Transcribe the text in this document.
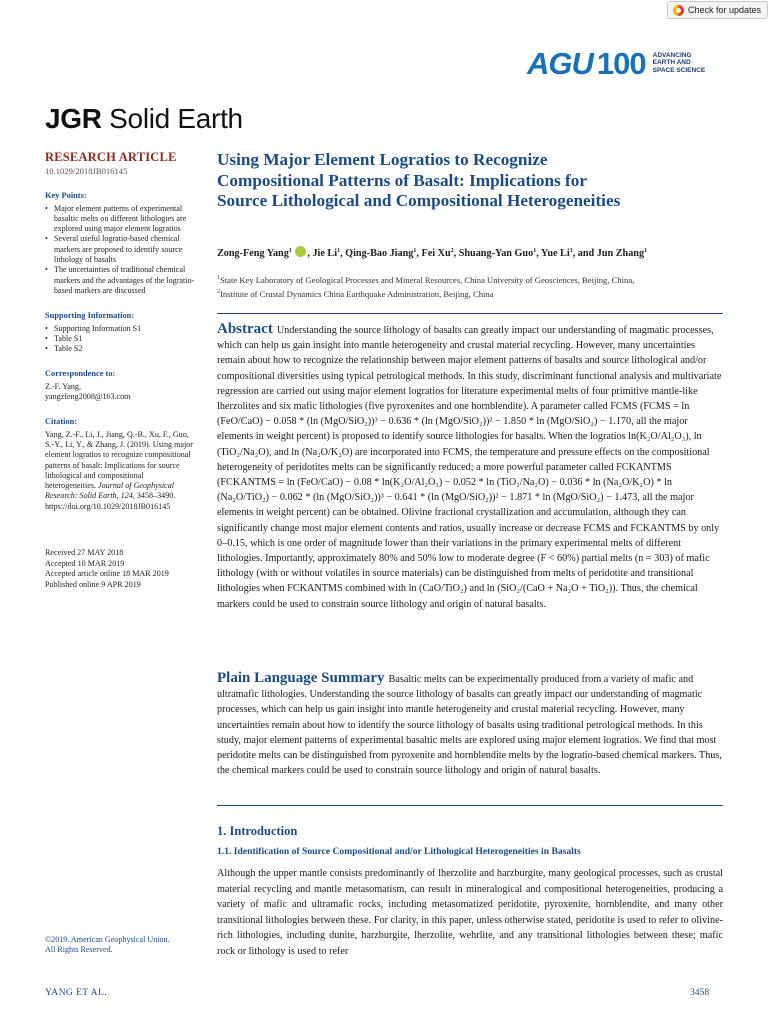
Check for updates
AGU 100 ADVANCING
EARTH AND
SPACE SCIENCE
JGR Solid Earth
RESEARCH ARTICLE
10.1029/2018JB016145
Key Points:
• Major element patterns of experimental basaltic melts on different lithologies are explored using major element logratios
• Several useful logratio-based chemical markers are proposed to identify source lithology of basalts
• The uncertainties of traditional chemical markers and the advantages of the logratio-based markers are discussed
Supporting Information:
• Supporting Information S1
• Table S1
• Table S2
Correspondence to:
Z.-F. Yang,
yangzfeng2008@163.com
Citation:
Yang, Z.-F., Li, J., Jiang, Q.-B., Xu, F., Guo, S.-Y., Li, Y., & Zhang, J. (2019). Using major element logratios to recognize compositional patterns of basalt: Implications for source lithological and compositional heterogeneities. Journal of Geophysical Research: Solid Earth, 124, 3458–3490.
https://doi.org/10.1029/2018JB016145
Received 27 MAY 2018
Accepted 10 MAR 2019
Accepted article online 18 MAR 2019
Published online 9 APR 2019
©2019. American Geophysical Union.
All Rights Reserved.
Using Major Element Logratios to Recognize Compositional Patterns of Basalt: Implications for Source Lithological and Compositional Heterogeneities
Zong-Feng Yang$^1$ , Jie Li$^1$, Qing-Bao Jiang$^1$, Fei Xu$^2$, Shuang-Yan Guo$^1$, Yue Li$^1$, and Jun Zhang$^1$
$^1$State Key Laboratory of Geological Processes and Mineral Resources, China University of Geosciences, Beijing, China,
$^2$Institute of Crustal Dynamics China Earthquake Administration, Beijing, China
Abstract Understanding the source lithology of basalts can greatly impact our understanding of magmatic processes, which can help us gain insight into mantle heterogeneity and crustal material recycling. However, many uncertainties remain about how to recognize the relationship between major element patterns of basalts and source lithological and/or compositional diversities using typical petrological methods. In this study, discriminant functional analysis and multivariate regression are carried out using major element logratios for literature experimental melts of four primitive mantle-like lherzolites and six mafic lithologies (five pyroxenites and one hornblendite). A parameter called FCMS (FCMS = ln (FeO/CaO) − 0.058 * (ln (MgO/SiO₂))³ − 0.636 * (ln (MgO/SiO₂))² − 1.850 * ln (MgO/SiO₂) − 1.170, all the major elements in weight percent) is proposed to identify source lithologies for basalts. When the logratios ln(K₂O/Al₂O₃), ln (TiO₂/Na₂O), and ln (Na₂O/K₂O) are incorporated into FCMS, the temperature and pressure effects on the compositional heterogeneity of peridotites melts can be significantly reduced; a more powerful parameter called FCKANTMS (FCKANTMS = ln (FeO/CaO) − 0.08 * ln(K₂O/Al₂O₃) − 0.052 * ln (TiO₂/Na₂O) − 0.036 * ln (Na₂O/K₂O) * ln (Na₂O/TiO₂) − 0.062 * (ln (MgO/SiO₂))³ − 0.641 * (ln (MgO/SiO₂))² − 1.871 * ln (MgO/SiO₂) − 1.473, all the major elements in weight percent) can be obtained. Olivine fractional crystallization and accumulation, although they can significantly change most major element contents and ratios, usually increase or decrease FCMS and FCKANTMS by only 0–0.15, which is one order of magnitude lower than their variations in the primary experimental melts of different lithologies. Importantly, approximately 80% and 50% low to moderate degree (F < 60%) partial melts (n = 303) of mafic lithology (with or without volatiles in source materials) can be distinguished from melts of peridotite and transitional lithologies when FCKANTMS combined with ln (CaO/TiO₂) and ln (SiO₂/(CaO + Na₂O + TiO₂)). Thus, the chemical markers could be used to constrain source lithology and origin of natural basalts.
Plain Language Summary Basaltic melts can be experimentally produced from a variety of mafic and ultramafic lithologies. Understanding the source lithology of basalts can greatly impact our understanding of magmatic processes, which can help us gain insight into mantle heterogeneity and crustal material recycling. However, many uncertainties remain about how to identify the source lithology of basalts using traditional petrological methods. In this study, major element patterns of experimental basaltic melts are explored using major element logratios. We find that most peridotite melts can be distinguished from pyroxenite and hornblendite melts by the logratio-based chemical markers. Thus, the chemical markers could be used to constrain source lithology and origin of natural basalts.
1. Introduction
1.1. Identification of Source Compositional and/or Lithological Heterogeneities in Basalts
Although the upper mantle consists predominantly of lherzolite and harzburgite, many geological processes, such as crustal material recycling and mantle metasomatism, can result in mineralogical and compositional heterogeneities, producing a variety of mafic and ultramafic rocks, including metasomatized peridotite, pyroxenite, hornblendite, and many other transitional lithologies between these. For clarity, in this paper, unless otherwise stated, peridotite is used to refer to olivine-rich lithologies, including dunite, harzburgite, lherzolite, wehrlite, and any transitional lithologies between these; mafic rock or lithology is used to refer
YANG ET AL.	3458
